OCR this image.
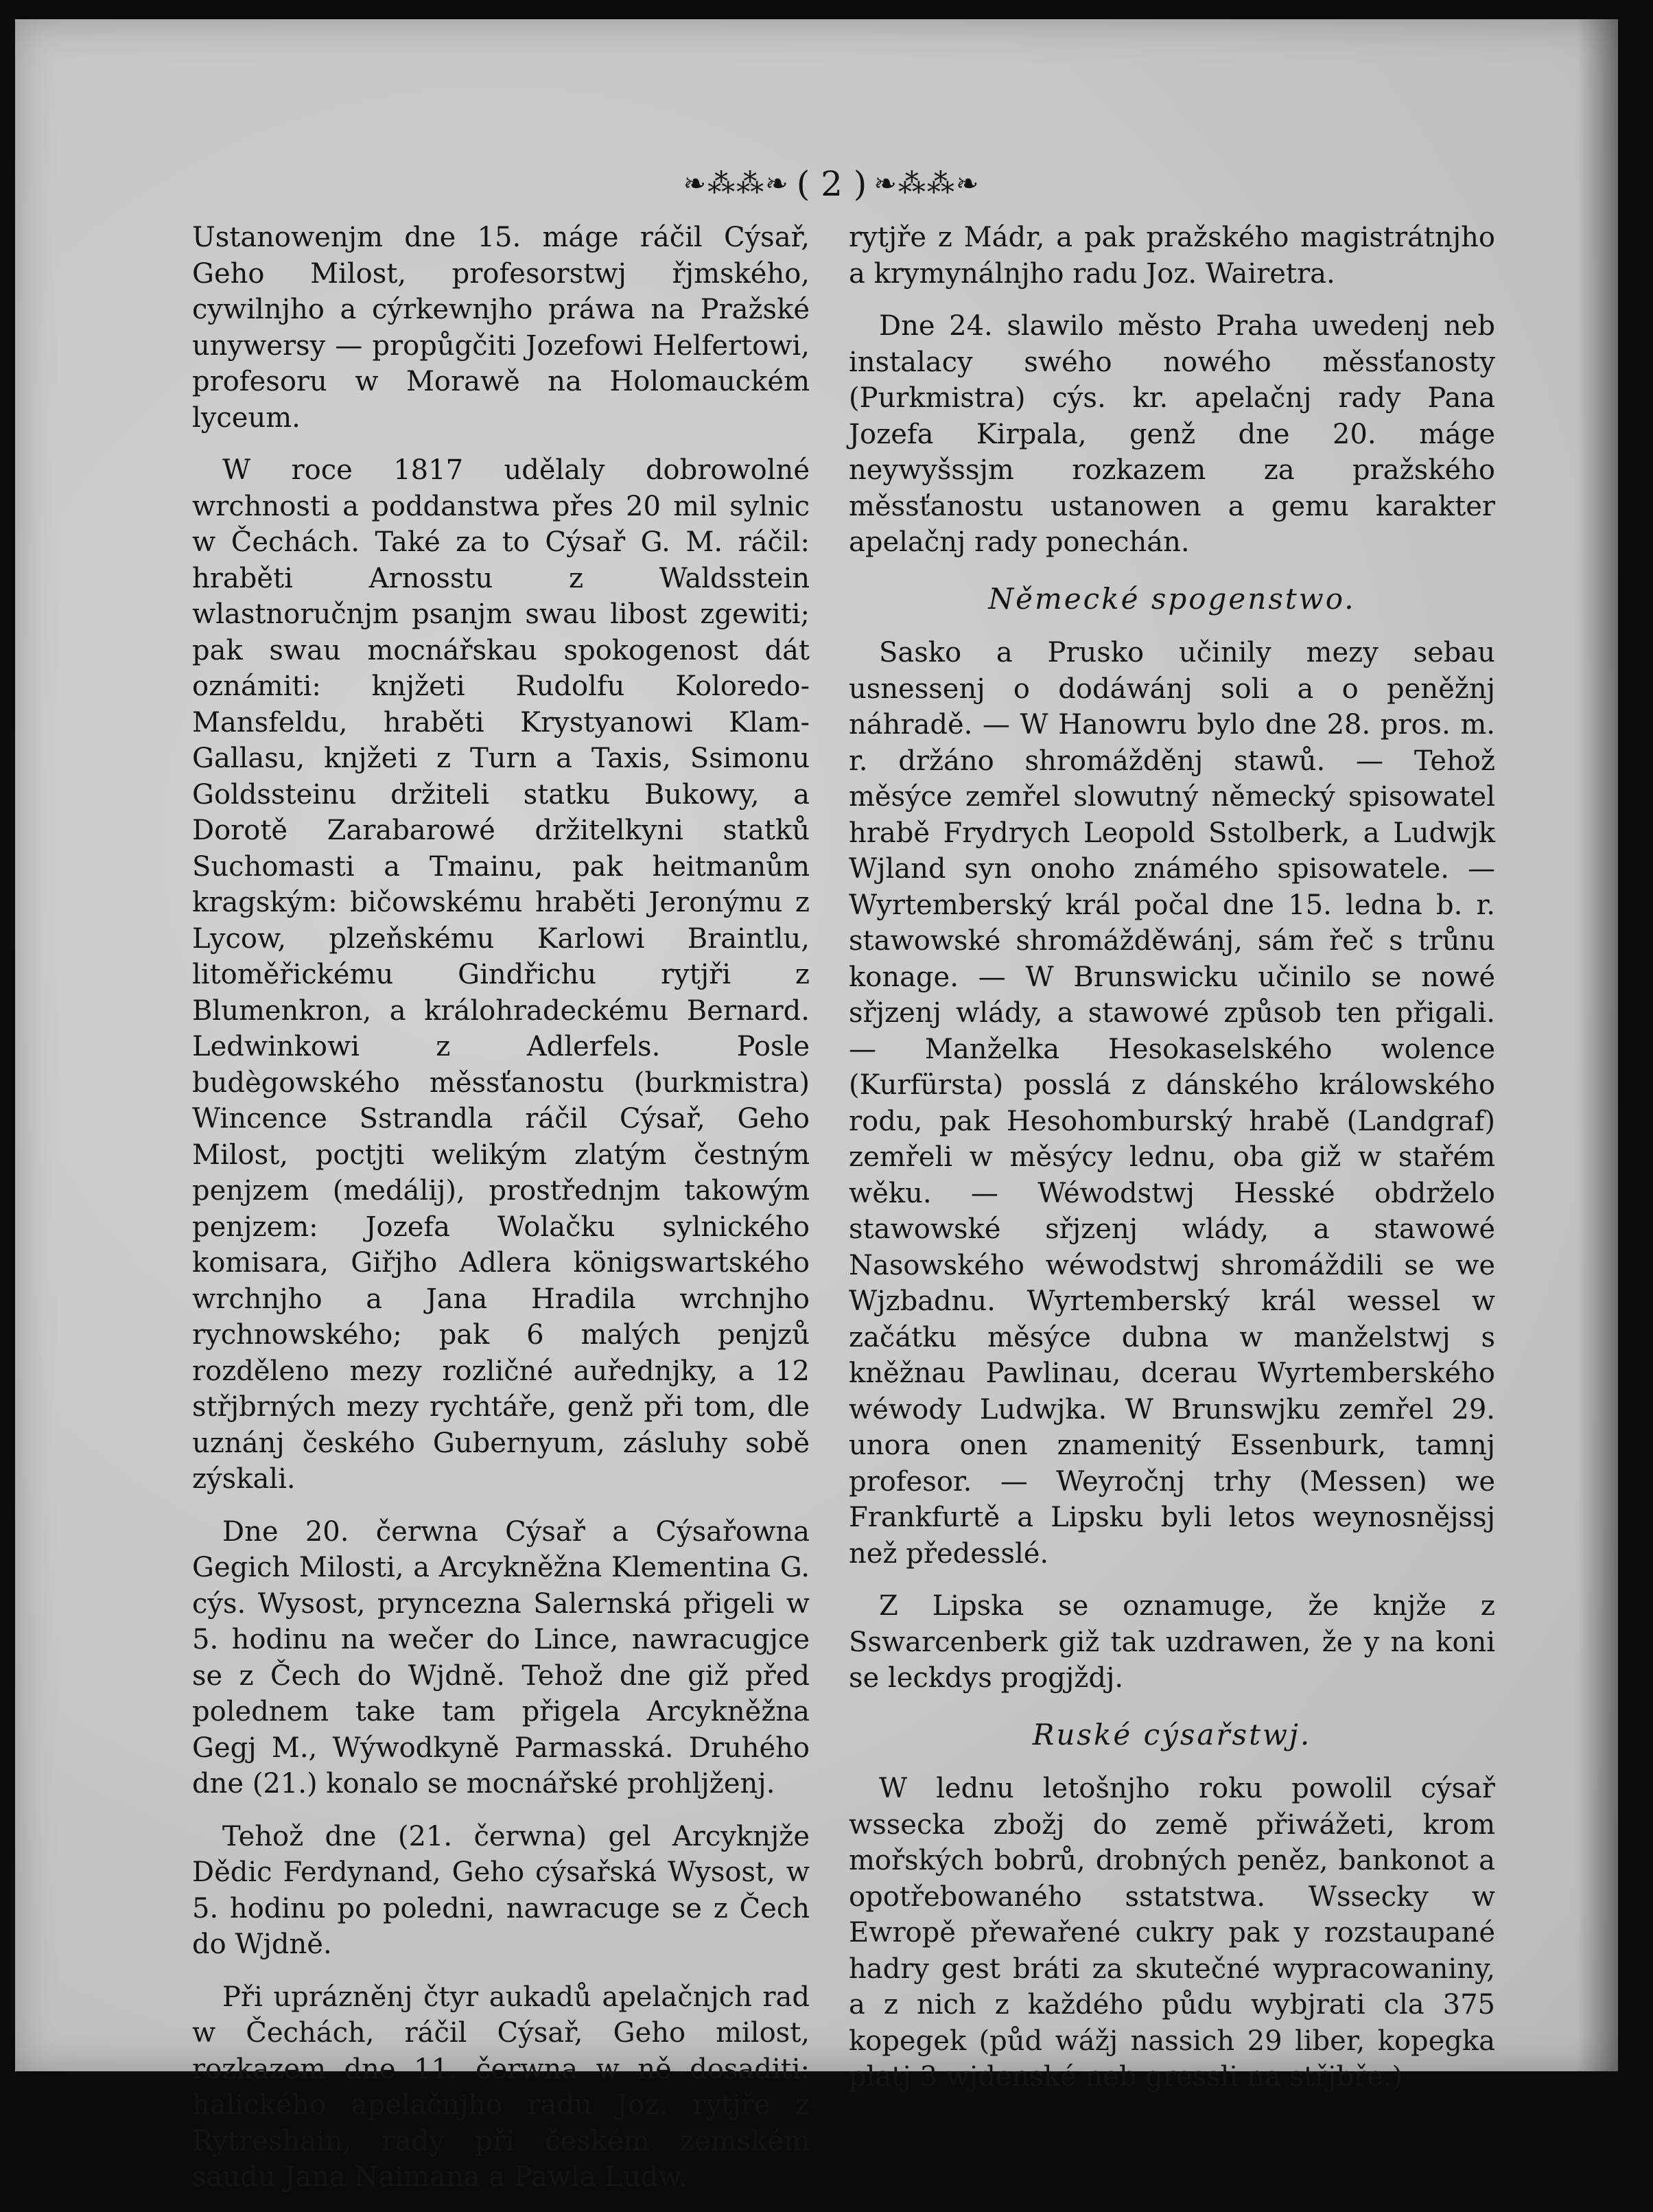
❧⁂⁂❧ ( 2 ) ❧⁂⁂❧

Ustanowenjm dne 15. máge ráčil Cýsař, Geho Milost, profesorstwj řjmského, cywilnjho a cýrkewnjho práwa na Pražské unywersy — propůgčiti Jozefowi Helfertowi, profesoru w Morawě na Holomauckém lyceum.

W roce 1817 udělaly dobrowolné wrchnosti a poddanstwa přes 20 mil sylnic w Čechách. Také za to Cýsař G. M. ráčil: hraběti Arnosstu z Waldsstein wlastnoručnjm psanjm swau libost zgewiti; pak swau mocnářskau spokogenost dát oznámiti: knjžeti Rudolfu Koloredo-Mansfeldu, hraběti Krystyanowi Klam-Gallasu, knjžeti z Turn a Taxis, Ssimonu Goldssteinu držiteli statku Bukowy, a Dorotě Zarabarowé držitelkyni statků Suchomasti a Tmainu, pak heitmanům kragským: bičowskému hraběti Jeronýmu z Lycow, plzeňskému Karlowi Braintlu, litoměřickému Gindřichu rytjři z Blumenkron, a králohradeckému Bernard. Ledwinkowi z Adlerfels. Posle budègowského měssťanostu (burkmistra) Wincence Sstrandla ráčil Cýsař, Geho Milost, poctjti welikým zlatým čestným penjzem (medálij), prostřednjm takowým penjzem: Jozefa Wolačku sylnického komisara, Giřjho Adlera königswartského wrchnjho a Jana Hradila wrchnjho rychnowského; pak 6 malých penjzů rozděleno mezy rozličné auřednjky, a 12 střjbrných mezy rychtáře, genž při tom, dle uznánj českého Gubernyum, zásluhy sobě zýskali.

Dne 20. čerwna Cýsař a Cýsařowna Gegich Milosti, a Arcykněžna Klementina G. cýs. Wysost, pryncezna Salernská přigeli w 5. hodinu na wečer do Lince, nawracugjce se z Čech do Wjdně. Tehož dne giž před polednem take tam přigela Arcykněžna Gegj M., Wýwodkyně Parmasská. Druhého dne (21.) konalo se mocnářské prohljženj.

Tehož dne (21. čerwna) gel Arcyknjže Dědic Ferdynand, Geho cýsařská Wysost, w 5. hodinu po poledni, nawracuge se z Čech do Wjdně.

Při uprázněnj čtyr aukadů apelačnjch rad w Čechách, ráčil Cýsař, Geho milost, rozkazem dne 11. čerwna w ně dosaditi: halického apelačnjho radu Joz. rytjře z Rytreshain, rady při českém zemském saudu Jana Naimana a Pawla Ludw.

rytjře z Mádr, a pak pražského magistrátnjho a krymynálnjho radu Joz. Wairetra.

Dne 24. slawilo město Praha uwedenj neb instalacy swého nowého měssťanosty (Purkmistra) cýs. kr. apelačnj rady Pana Jozefa Kirpala, genž dne 20. máge neywyšssjm rozkazem za pražského měssťanostu ustanowen a gemu karakter apelačnj rady ponechán.

Německé spogenstwo.

Sasko a Prusko učinily mezy sebau usnessenj o dodáwánj soli a o peněžnj náhradě. — W Hanowru bylo dne 28. pros. m. r. držáno shromážděnj stawů. — Tehož měsýce zemřel slowutný německý spisowatel hrabě Frydrych Leopold Sstolberk, a Ludwjk Wjland syn onoho známého spisowatele. — Wyrtemberský král počal dne 15. ledna b. r. stawowské shromážděwánj, sám řeč s trůnu konage. — W Brunswicku učinilo se nowé sřjzenj wlády, a stawowé způsob ten přigali. — Manželka Hesokaselského wolence (Kurfürsta) posslá z dánského králowského rodu, pak Hesohomburský hrabě (Landgraf) zemřeli w měsýcy lednu, oba giž w stařém wěku. — Wéwodstwj Hesské obdrželo stawowské sřjzenj wlády, a stawowé Nasowského wéwodstwj shromáždili se we Wjzbadnu. Wyrtemberský král wessel w začátku měsýce dubna w manželstwj s kněžnau Pawlinau, dcerau Wyrtemberského wéwody Ludwjka. W Brunswjku zemřel 29. unora onen znamenitý Essenburk, tamnj profesor. — Weyročnj trhy (Messen) we Frankfurtě a Lipsku byli letos weynosnějssj než předesslé.

Z Lipska se oznamuge, že knjže z Sswarcenberk giž tak uzdrawen, že y na koni se leckdys progjždj.

Ruské cýsařstwj.

W lednu letošnjho roku powolil cýsař wssecka zbožj do země přiwážeti, krom mořských bobrů, drobných peněz, bankonot a opotřebowaného sstatstwa. Wssecky w Ewropě přewařené cukry pak y rozstaupané hadry gest bráti za skutečné wypracowaniny, a z nich z každého půdu wybjrati cla 375 kopegek (půd wážj nassich 29 liber, kopegka platj 3 wjdenské neb gressli na střjbře.)
